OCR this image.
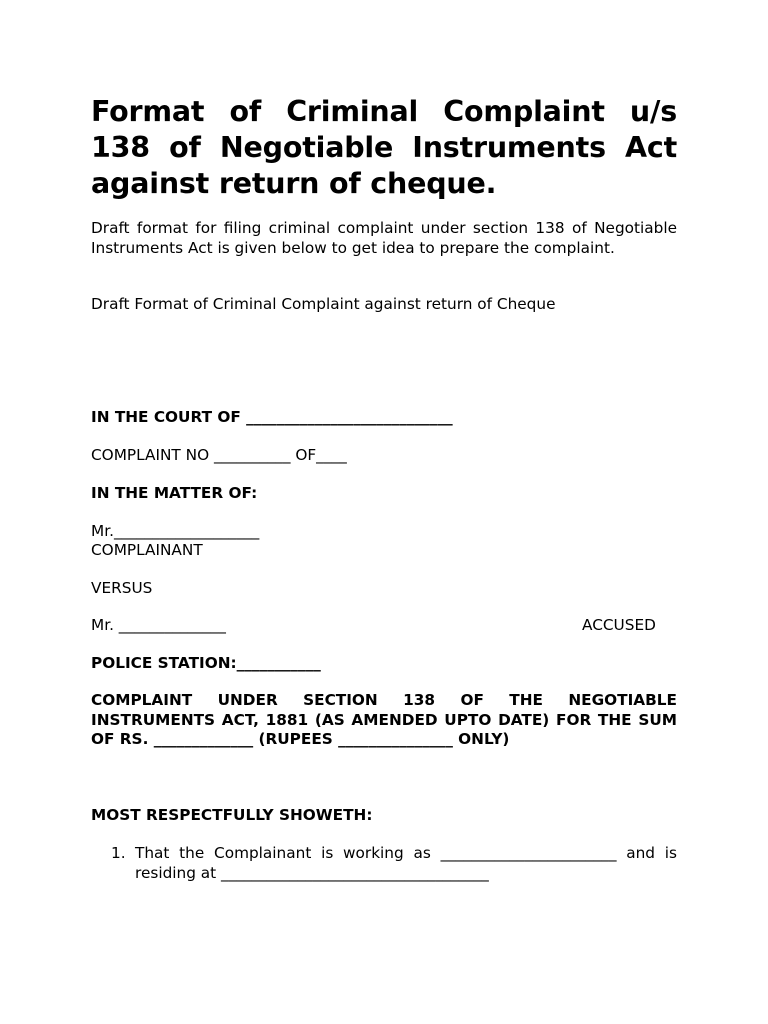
Format of Criminal Complaint u/s 138 of Negotiable Instruments Act against return of cheque.
Draft format for filing criminal complaint under section 138 of Negotiable Instruments Act is given below to get idea to prepare the complaint.
Draft Format of Criminal Complaint against return of Cheque
IN THE COURT OF ___________________________
COMPLAINT NO __________ OF____
IN THE MATTER OF:
Mr.___________________
COMPLAINANT
VERSUS
Mr. ______________	ACCUSED
POLICE STATION:___________
COMPLAINT UNDER SECTION 138 OF THE NEGOTIABLE INSTRUMENTS ACT, 1881 (AS AMENDED UPTO DATE) FOR THE SUM OF RS. _____________ (RUPEES _______________ ONLY)
MOST RESPECTFULLY SHOWETH:
1. That the Complainant is working as _______________________ and is residing at ___________________________________
